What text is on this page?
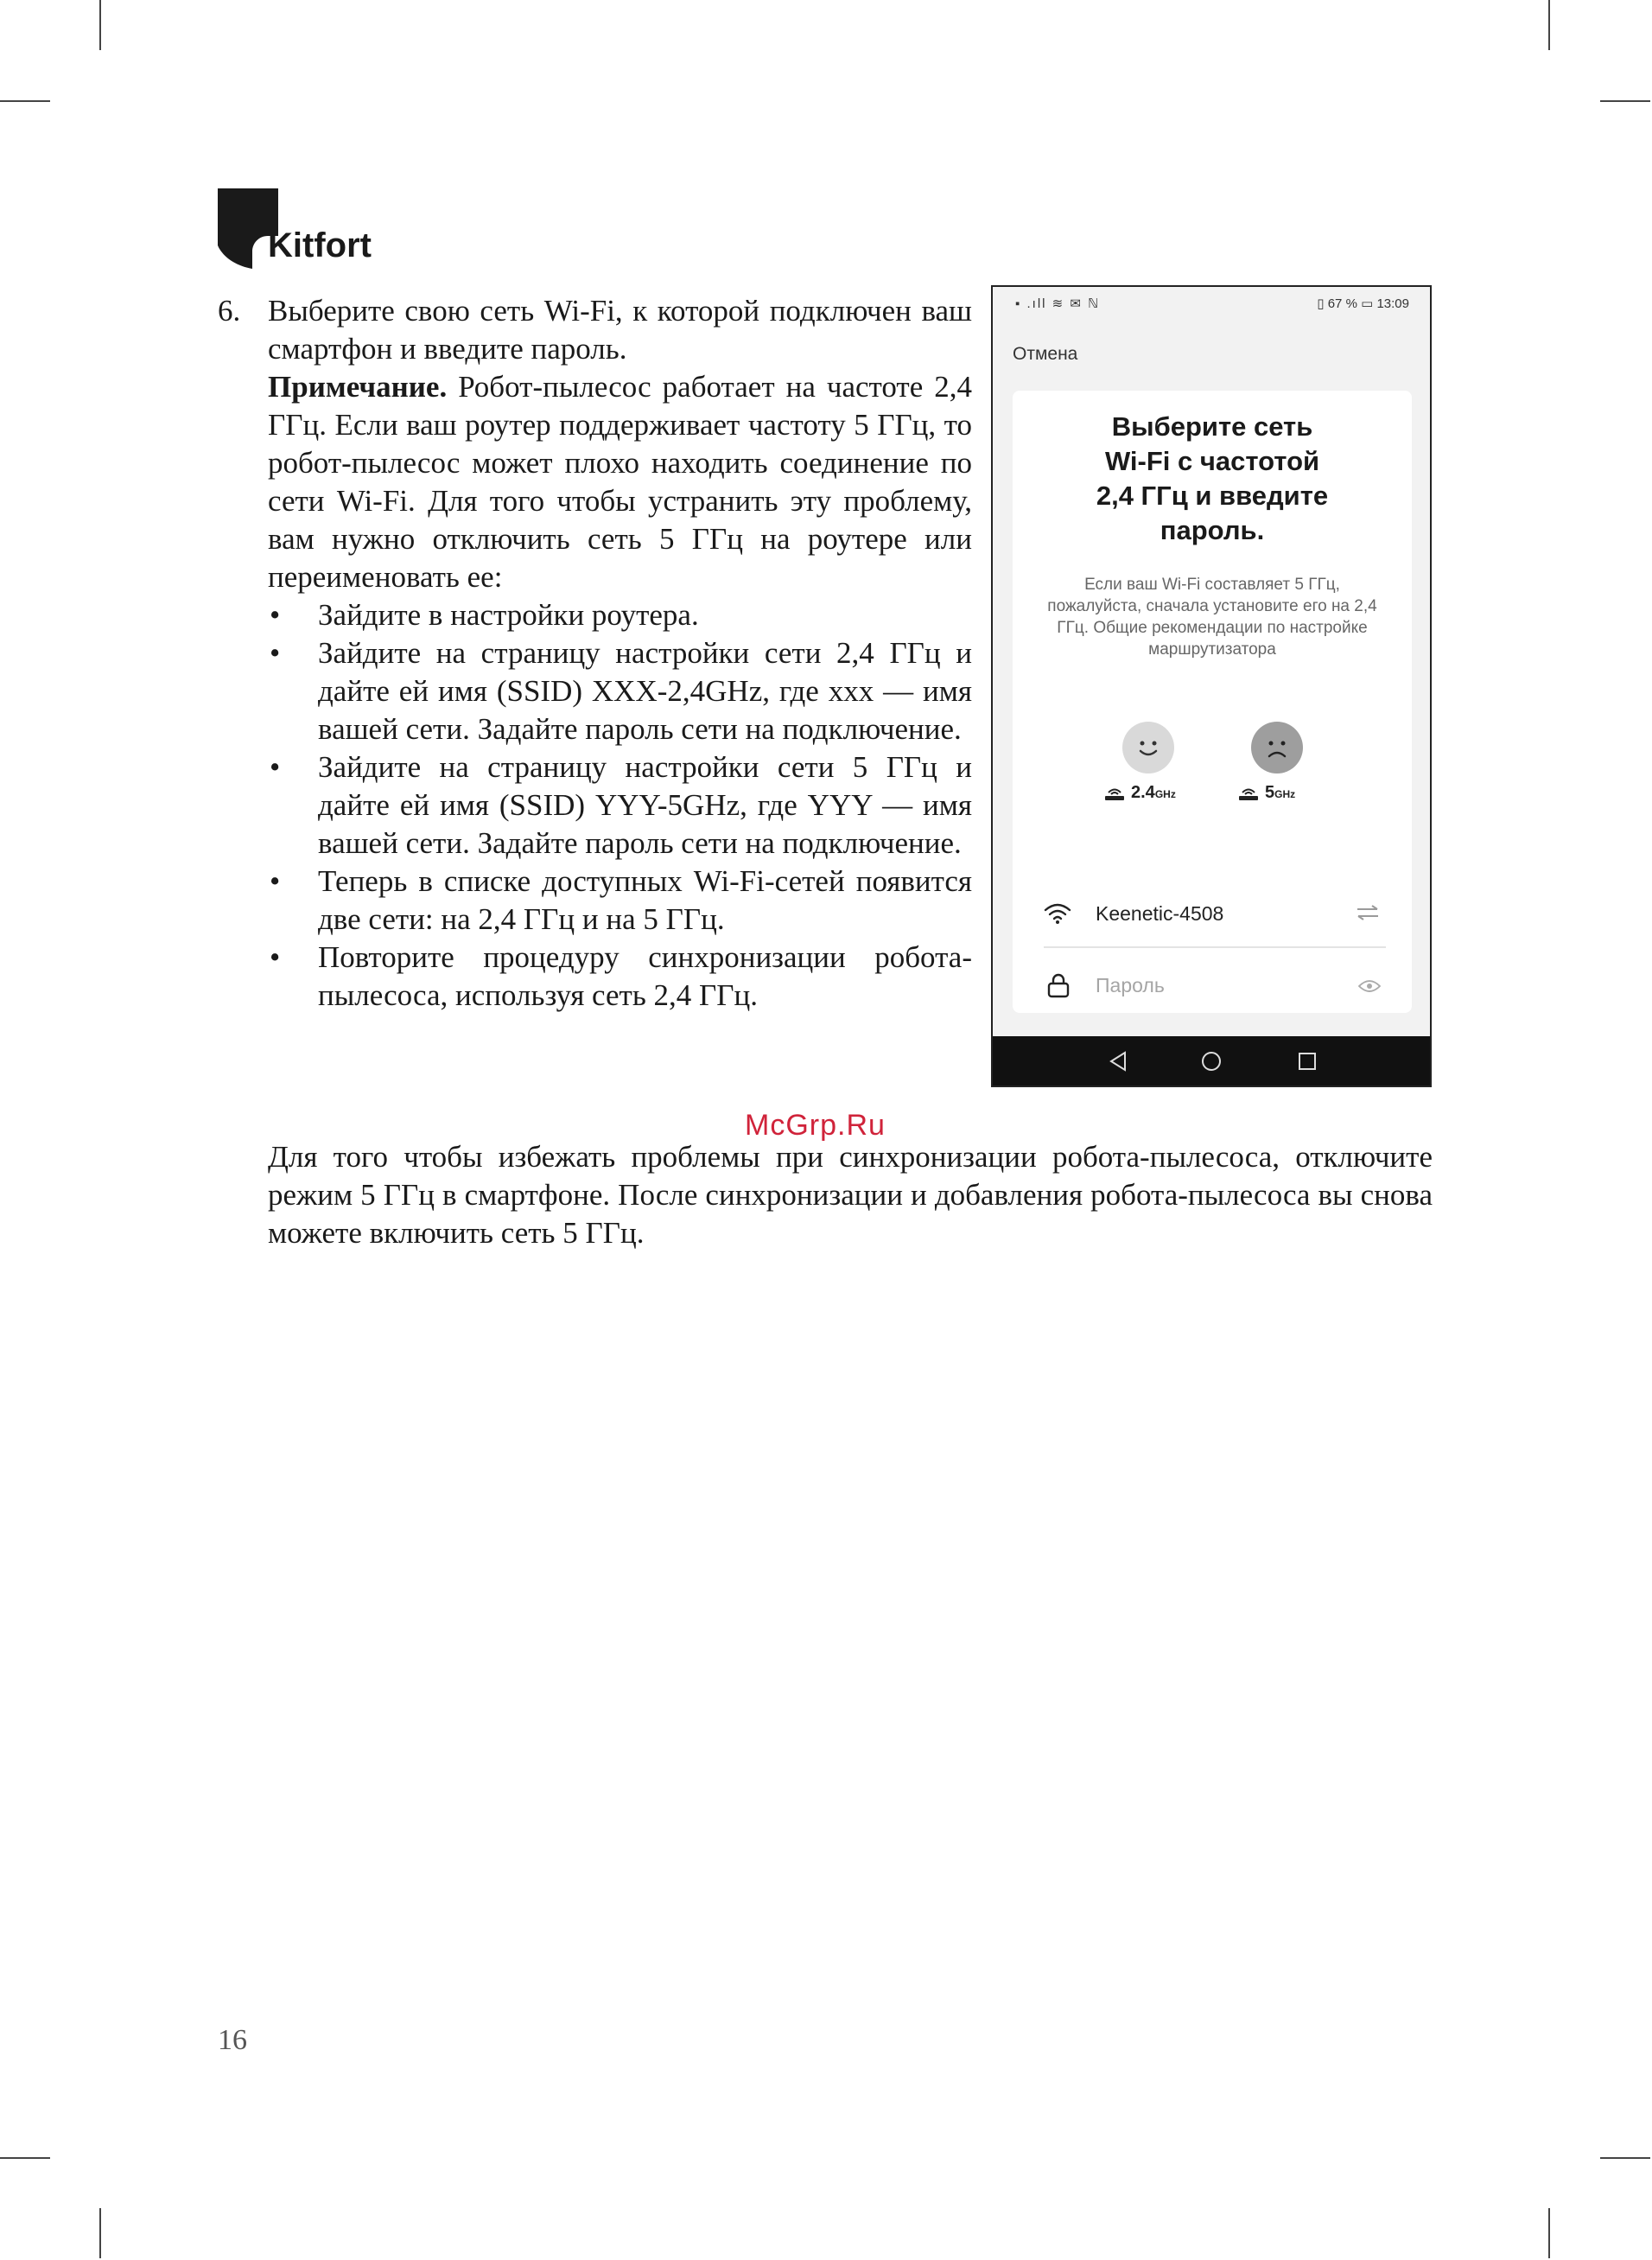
Kitfort
6. Выберите свою сеть Wi-Fi, к которой подключен ваш смартфон и введите пароль.

Примечание. Робот-пылесос работает на частоте 2,4 ГГц. Если ваш роутер поддерживает частоту 5 ГГц, то робот-пылесос может плохо находить соединение по сети Wi-Fi. Для того чтобы устранить эту проблему, вам нужно отключить сеть 5 ГГц на роутере или переименовать ее:

•	Зайдите в настройки роутера.
•	Зайдите на страницу настройки сети 2,4 ГГц и дайте ей имя (SSID) XXX-2,4GHz, где xxx — имя вашей сети. Задайте пароль сети на подключение.
•	Зайдите на страницу настройки сети 5 ГГц и дайте ей имя (SSID) YYY-5GHz, где YYY — имя вашей сети. Задайте пароль сети на подключение.
•	Теперь в списке доступных Wi-Fi-сетей появится две сети: на 2,4 ГГц и на 5 ГГц.
•	Повторите процедуру синхронизации робота-пылесоса, используя сеть 2,4 ГГц.
Для того чтобы избежать проблемы при синхронизации робота-пылесоса, отключите режим 5 ГГц в смартфоне. После синхронизации и добавления робота-пылесоса вы снова можете включить сеть 5 ГГц.
McGrp.Ru
16
▪ .ıll ≋ ✉ ℕ	▯ 67 % ▭ 13:09
Отмена
Выберите сеть
Wi-Fi с частотой
2,4 ГГц и введите
пароль.
Если ваш Wi-Fi составляет 5 ГГц, пожалуйста, сначала установите его на 2,4 ГГц. Общие рекомендации по настройке маршрутизатора
2.4GHz	5GHz
Keenetic-4508
